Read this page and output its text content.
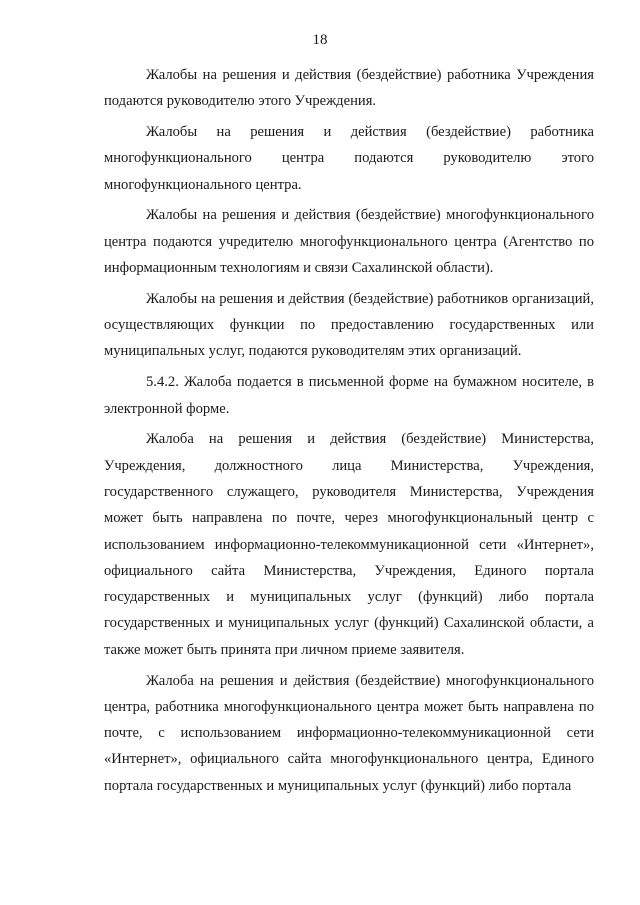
18

Жалобы на решения и действия (бездействие) работника Учреждения подаются руководителю этого Учреждения.

Жалобы на решения и действия (бездействие) работника многофункционального центра подаются руководителю этого многофункционального центра.

Жалобы на решения и действия (бездействие) многофункционального центра подаются учредителю многофункционального центра (Агентство по информационным технологиям и связи Сахалинской области).

Жалобы на решения и действия (бездействие) работников организаций, осуществляющих функции по предоставлению государственных или муниципальных услуг, подаются руководителям этих организаций.

5.4.2. Жалоба подается в письменной форме на бумажном носителе, в электронной форме.

Жалоба на решения и действия (бездействие) Министерства, Учреждения, должностного лица Министерства, Учреждения, государственного служащего, руководителя Министерства, Учреждения может быть направлена по почте, через многофункциональный центр с использованием информационно-телекоммуникационной сети «Интернет», официального сайта Министерства, Учреждения, Единого портала государственных и муниципальных услуг (функций) либо портала государственных и муниципальных услуг (функций) Сахалинской области, а также может быть принята при личном приеме заявителя.

Жалоба на решения и действия (бездействие) многофункционального центра, работника многофункционального центра может быть направлена по почте, с использованием информационно-телекоммуникационной сети «Интернет», официального сайта многофункционального центра, Единого портала государственных и муниципальных услуг (функций) либо портала
